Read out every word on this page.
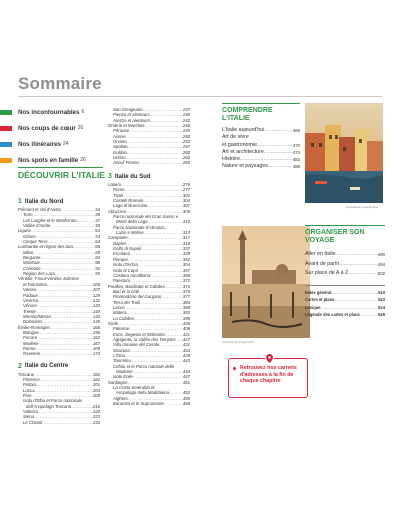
Sommaire
Nos incontournables 6
Nos coups de cœur 20
Nos itinéraires 24
Nos spots en famille 26
DÉCOUVRIR L'ITALIE
1 Italie du Nord
Piémont et Val d'Aoste .....	34
Turin .....	35
Les Langhe et le Monferrato .....	47
Vallée d'Aoste .....	50
Ligurie .....	54
Gênes .....	54
Cinque Terre .....	64
Lombardie et région des lacs .....	68
Milan .....	69
Bergame .....	84
Mantoue .....	88
Crémone .....	92
Région des Lacs .....	95
Vénétie, Frioul-Vénétie Julienne
et Dolomites .....	106
Venise .....	107
Padoue .....	129
Vicence .....	132
Vérone .....	133
Trieste .....	140
Merano/Meran .....	143
Dolomites .....	145
Émilie-Romagne .....	155
Bologne .....	156
Ferrare .....	162
Modène .....	167
Parme .....	169
Ravenne .....	173
2 Italie du Centre
Toscane .....	182
Florence .....	182
Pistoia .....	201
Lucca .....	204
Pise .....	209
Isola d'Elba et Parco nazionale
dell'Arcipelago Toscano .....	216
Volterra .....	220
Siena .....	223
Le Chianti .....	233
San Gimignano .....	237
Pienza et alentours .....	240
Arezzo et alentours .....	242
Ombrie et Marches .....	245
Pérouse .....	245
Assise .....	250
Orvieto .....	253
Spoleto .....	257
Gubbio .....	260
Urbino .....	263
Ascoli Piceno .....	265
3 Italie du Sud
Latium .....	276
Rome .....	277
Tivoli .....	301
Castelli Romani .....	304
Lago di Bracciano .....	307
Abruzzes .....	309
Parco nazionale del Gran Sasso e
Monti della Laga .....	310
Parco Nazionale d'Abruzzo,
Lazio e Molise .....	313
Campanie .....	317
Naples .....	318
Golfo di Napoli .....	337
Ercolano .....	339
Pompei .....	351
Isola d'Ischia .....	354
Isola di Capri .....	357
Costiera Amalfitana .....	366
Paestum .....	372
Pouilles, Basilicate et Calabre .....	374
Bari et la côte .....	375
Promontorio del Gargano .....	377
Terra dei Trulli .....	384
Lecce .....	388
Matera .....	393
La Calabre .....	398
Sicile .....	405
Palerme .....	406
Erice, Segesta et Selinunte .....	421
Agrigente, la Vallée des Temples ..... 427
Villa romaine del Casale .....	431
Siracusa .....	434
L'Etna .....	439
Taormina .....	442
Cefalù et le Parco naturale delle
Madonie .....	444
Isole Eolie .....	447
Sardaigne .....	451
La Costa Smeralda et
Arcipelago della Maddalena .....	452
Alghero .....	455
Barumini et le Supramonte .....	456
COMPRENDRE L'ITALIE
L'Italie aujourd'hui .....	466
Art de vivre
et gastronomie .....	470
Art et architecture .....	474
Histoire .....	482
Nature et paysages .....	486
Liguria/Getty Images Plus
Venice/Getty Images Plus
ORGANISER SON VOYAGE
Aller en Italie .....	490
Avant de partir .....	494
Sur place de A à Z .....	502
Index général .....	510
Cartes et plans .....	523
Lexique .....	524
Légende des cartes et plans .....	526
Retrouvez nos carnets d'adresses à la fin de chaque chapitre
